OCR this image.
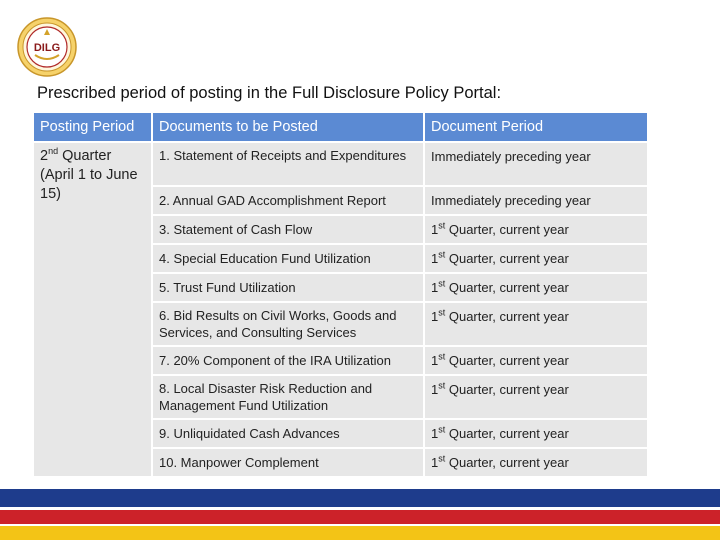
DILG
Prescribed period of posting in the Full Disclosure Policy Portal:
Posting Period	Documents to be Posted	Document Period
2nd Quarter
(April 1 to June 15)	1. Statement of Receipts and Expenditures	Immediately preceding year
	2. Annual GAD Accomplishment Report	Immediately preceding year
	3. Statement of Cash Flow	1st Quarter, current year
	4. Special Education Fund Utilization	1st Quarter, current year
	5. Trust Fund Utilization	1st Quarter, current year
	6. Bid Results on Civil Works, Goods and Services, and Consulting Services	1st Quarter, current year
	7. 20% Component of the IRA Utilization	1st Quarter, current year
	8. Local Disaster Risk Reduction and Management Fund Utilization	1st Quarter, current year
	9. Unliquidated Cash Advances	1st Quarter, current year
	10. Manpower Complement	1st Quarter, current year
